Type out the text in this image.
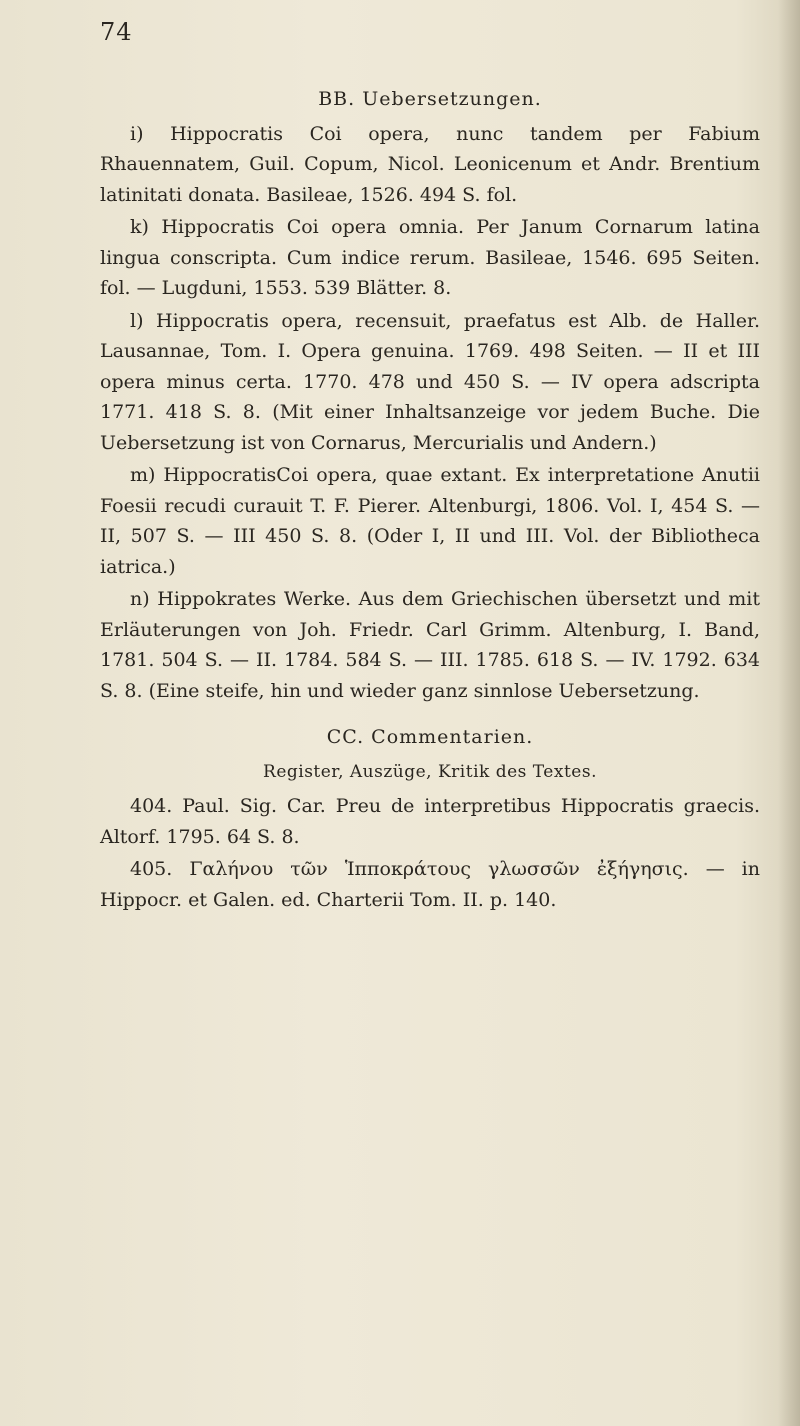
74
BB. Uebersetzungen.

i) Hippocratis Coi opera, nunc tandem per Fabium Rhauennatem, Guil. Copum, Nicol. Leonicenum et Andr. Brentium latinitati donata. Basileae, 1526. 494 S. fol.

k) Hippocratis Coi opera omnia. Per Janum Cornarum latina lingua conscripta. Cum indice rerum. Basileae, 1546. 695 Seiten. fol. — Lugduni, 1553. 539 Blätter. 8.

l) Hippocratis opera, recensuit, praefatus est Alb. de Haller. Lausannae, Tom. I. Opera genuina. 1769. 498 Seiten. — II et III opera minus certa. 1770. 478 und 450 S. — IV opera adscripta 1771. 418 S. 8. (Mit einer Inhaltsanzeige vor jedem Buche. Die Uebersetzung ist von Cornarus, Mercurialis und Andern.)

m) HippocratisCoi opera, quae extant. Ex interpretatione Anutii Foesii recudi curauit T. F. Pierer. Altenburgi, 1806. Vol. I, 454 S. — II, 507 S. — III 450 S. 8. (Oder I, II und III. Vol. der Bibliotheca iatrica.)

n) Hippokrates Werke. Aus dem Griechischen übersetzt und mit Erläuterungen von Joh. Friedr. Carl Grimm. Altenburg, I. Band, 1781. 504 S. — II. 1784. 584 S. — III. 1785. 618 S. — IV. 1792. 634 S. 8. (Eine steife, hin und wieder ganz sinnlose Uebersetzung.

CC. Commentarien.
Register, Auszüge, Kritik des Textes.

404. Paul. Sig. Car. Preu de interpretibus Hippocratis graecis. Altorf. 1795. 64 S. 8.

405. Γαλήνου τῶν Ἱπποκράτους γλωσσῶν ἐξήγησις. — in Hippocr. et Galen. ed. Charterii Tom. II. p. 140.
